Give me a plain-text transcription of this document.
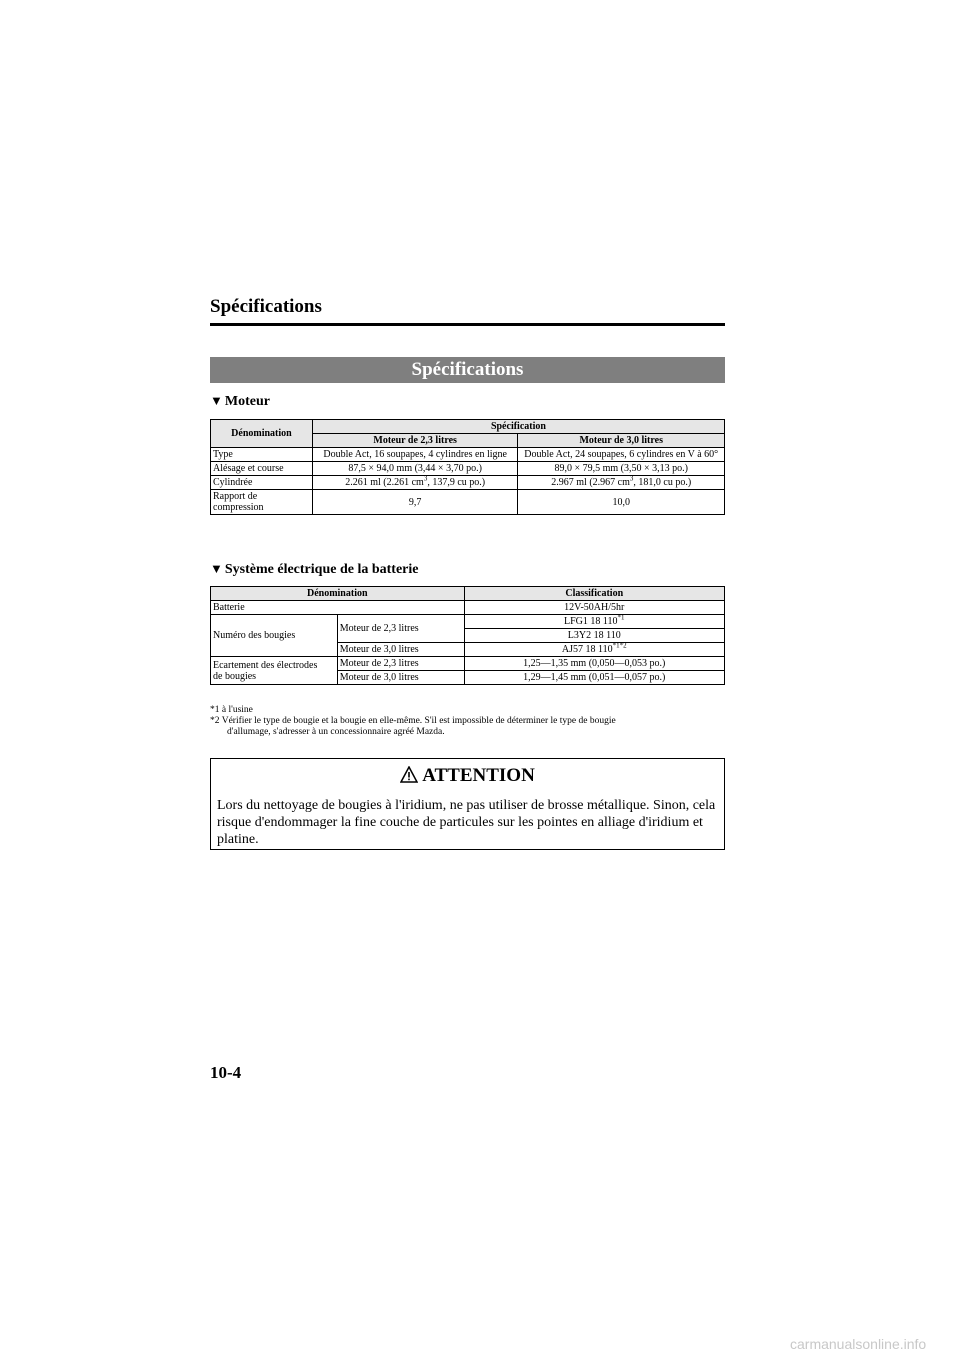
Spécifications
Spécifications
▼ Moteur
Dénomination	Spécification	
	Moteur de 2,3 litres	Moteur de 3,0 litres
Type	Double Act, 16 soupapes, 4 cylindres en ligne	Double Act, 24 soupapes, 6 cylindres en V à 60°
Alésage et course	87,5 × 94,0 mm (3,44 × 3,70 po.)	89,0 × 79,5 mm (3,50 × 3,13 po.)
Cylindrée	2.261 ml (2.261 $cm^3$, 137,9 cu po.)	2.967 ml (2.967 $cm^3$, 181,0 cu po.)
Rapport de
compression	9,7	10,0
▼ Système électrique de la batterie
Dénomination		Classification
Batterie		12V-50AH/5hr
Numéro des bougies	Moteur de 2,3 litres	LFG1 18 110$^{*1}$
		L3Y2 18 110
	Moteur de 3,0 litres	AJ57 18 $110^{*1*2}$
Ecartement des électrodes
de bougies	Moteur de 2,3 litres	1,25―1,35 mm (0,050―0,053 po.)
	Moteur de 3,0 litres	1,29―1,45 mm (0,051―0,057 po.)
*1 à l'usine
*2 Vérifier le type de bougie et la bougie en elle-même. S'il est impossible de déterminer le type de bougie
d'allumage, s'adresser à un concessionnaire agréé Mazda.
ATTENTION
Lors du nettoyage de bougies à l'iridium, ne pas utiliser de brosse métallique. Sinon, cela risque d'endommager la fine couche de particules sur les pointes en alliage d'iridium et platine.
10-4
carmanualsonline.info
